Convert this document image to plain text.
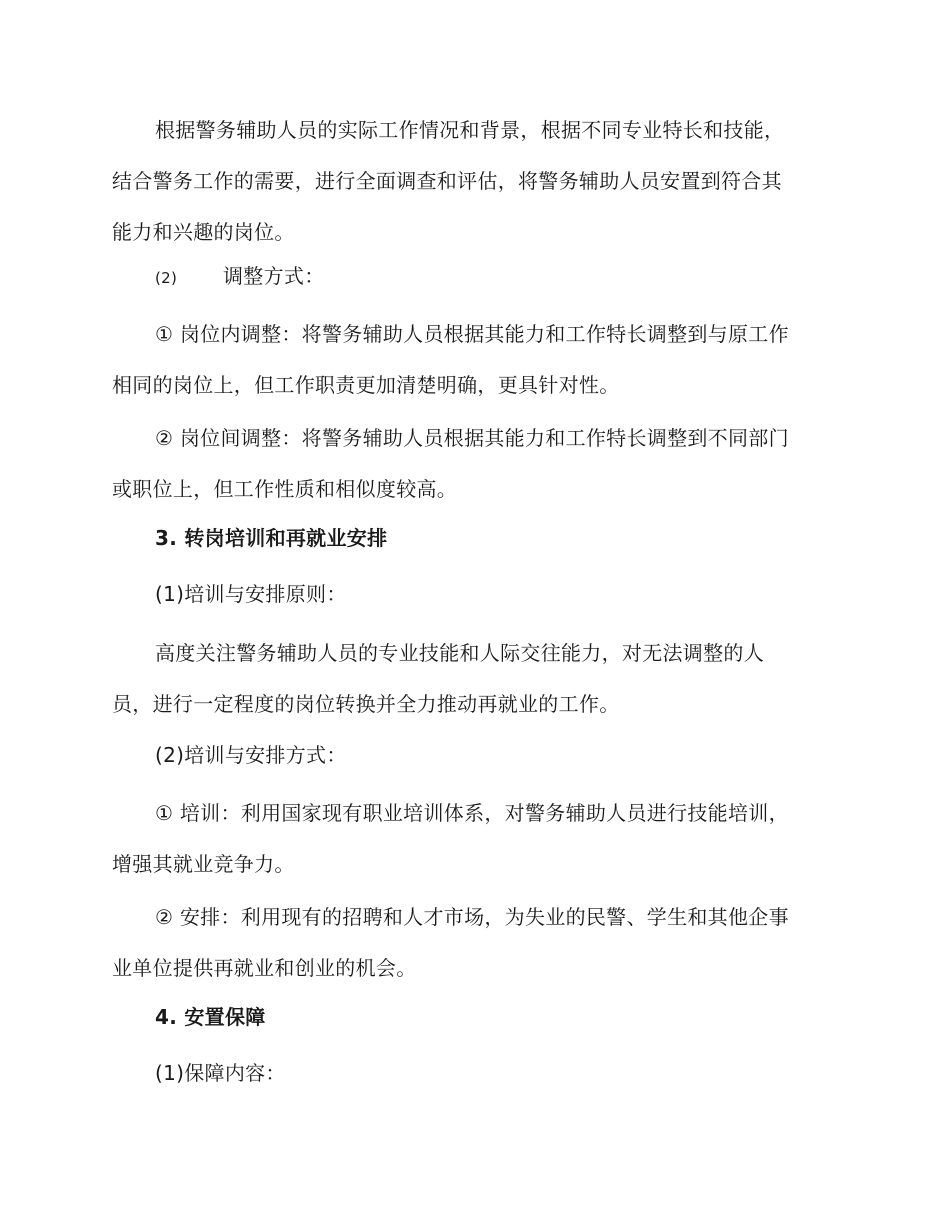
根据警务辅助人员的实际工作情况和背景，根据不同专业特长和技能，
结合警务工作的需要，进行全面调查和评估，将警务辅助人员安置到符合其
能力和兴趣的岗位。
(2) 调整方式：
① 岗位内调整：将警务辅助人员根据其能力和工作特长调整到与原工作
相同的岗位上，但工作职责更加清楚明确，更具针对性。
② 岗位间调整：将警务辅助人员根据其能力和工作特长调整到不同部门
或职位上，但工作性质和相似度较高。
3. 转岗培训和再就业安排
(1)培训与安排原则：
高度关注警务辅助人员的专业技能和人际交往能力，对无法调整的人
员，进行一定程度的岗位转换并全力推动再就业的工作。
(2)培训与安排方式：
① 培训：利用国家现有职业培训体系，对警务辅助人员进行技能培训，
增强其就业竞争力。
② 安排：利用现有的招聘和人才市场，为失业的民警、学生和其他企事
业单位提供再就业和创业的机会。
4. 安置保障
(1)保障内容：
